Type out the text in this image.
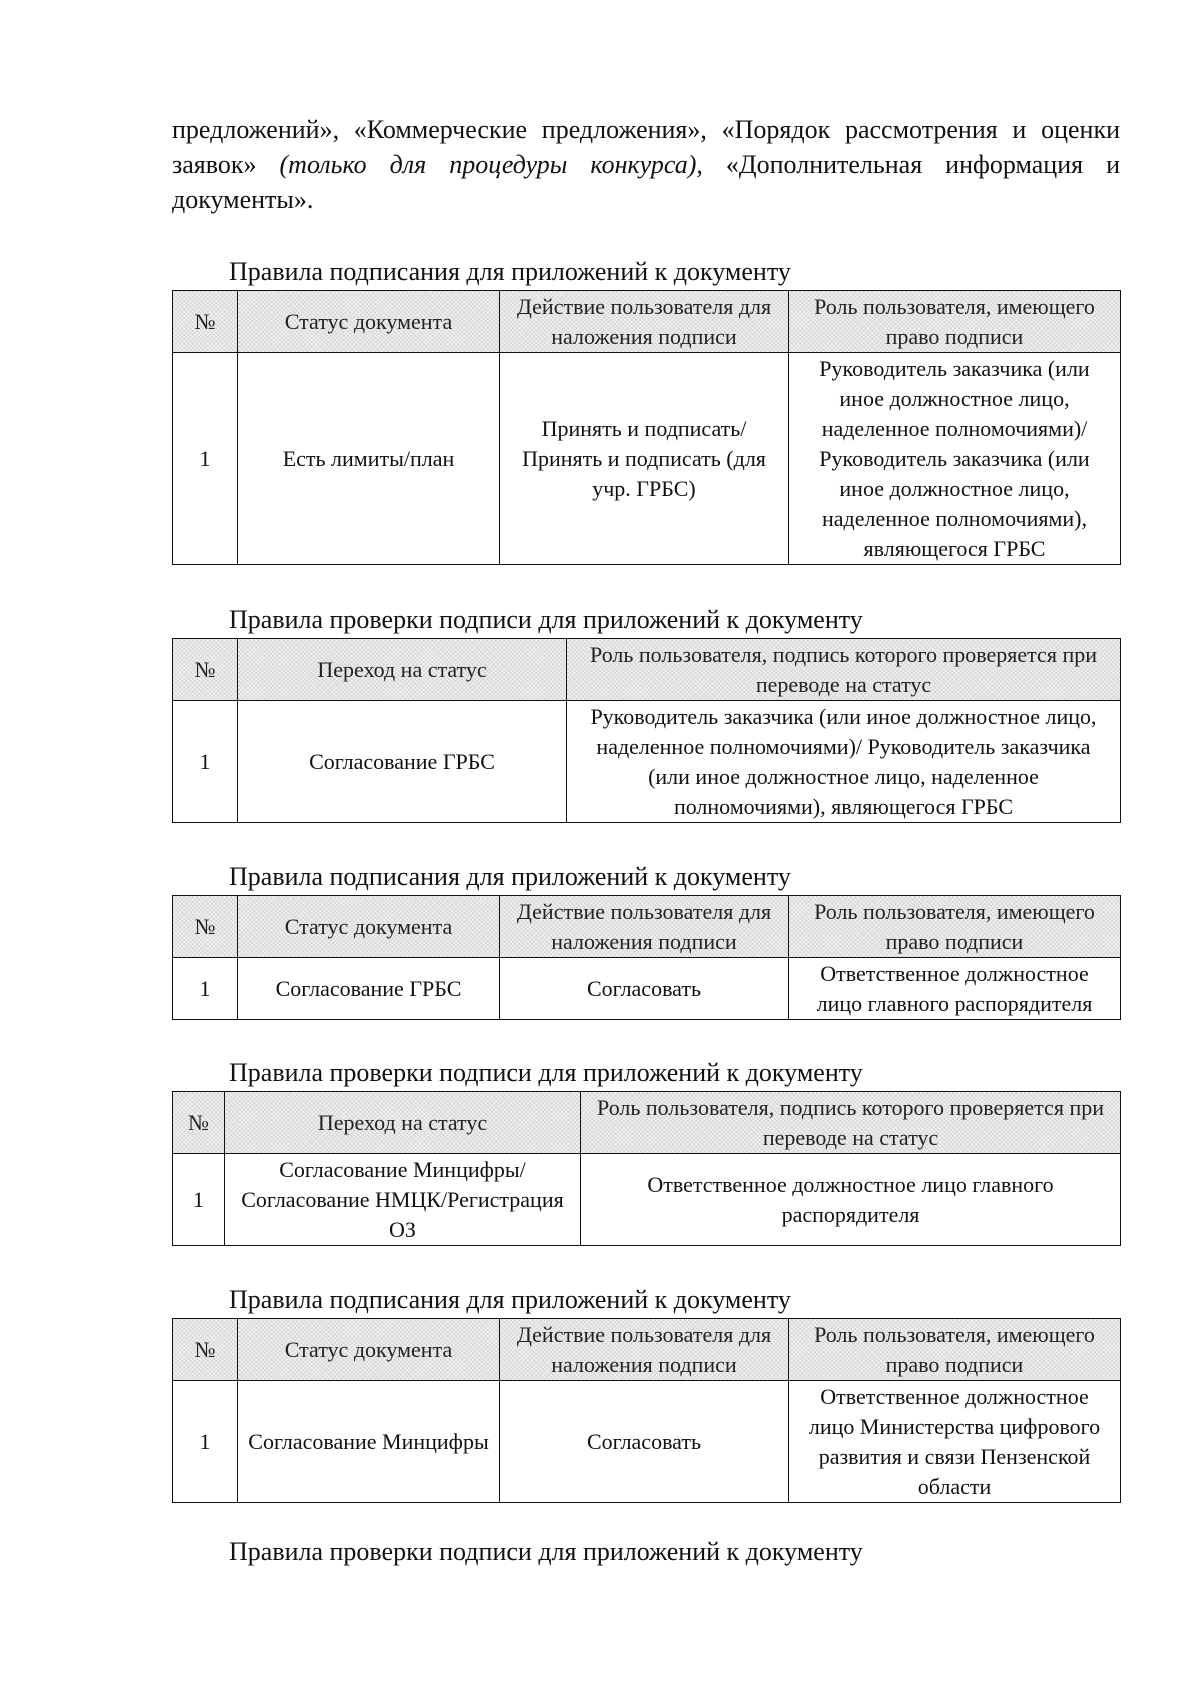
предложений», «Коммерческие предложения», «Порядок рассмотрения и оценки заявок» (только для процедуры конкурса), «Дополнительная информация и документы».

Правила подписания для приложений к документу

№	Статус документа	Действие пользователя для наложения подписи	Роль пользователя, имеющего право подписи
1	Есть лимиты/план	Принять и подписать/Принять и подписать (для учр. ГРБС)	Руководитель заказчика (или иное должностное лицо, наделенное полномочиями)/ Руководитель заказчика (или иное должностное лицо, наделенное полномочиями), являющегося ГРБС

Правила проверки подписи для приложений к документу

№	Переход на статус	Роль пользователя, подпись которого проверяется при переводе на статус
1	Согласование ГРБС	Руководитель заказчика (или иное должностное лицо, наделенное полномочиями)/ Руководитель заказчика (или иное должностное лицо, наделенное полномочиями), являющегося ГРБС

Правила подписания для приложений к документу

№	Статус документа	Действие пользователя для наложения подписи	Роль пользователя, имеющего право подписи
1	Согласование ГРБС	Согласовать	Ответственное должностное лицо главного распорядителя

Правила проверки подписи для приложений к документу

№	Переход на статус	Роль пользователя, подпись которого проверяется при переводе на статус
1	Согласование Минцифры/ Согласование НМЦК/Регистрация ОЗ	Ответственное должностное лицо главного распорядителя

Правила подписания для приложений к документу

№	Статус документа	Действие пользователя для наложения подписи	Роль пользователя, имеющего право подписи
1	Согласование Минцифры	Согласовать	Ответственное должностное лицо Министерства цифрового развития и связи Пензенской области

Правила проверки подписи для приложений к документу
